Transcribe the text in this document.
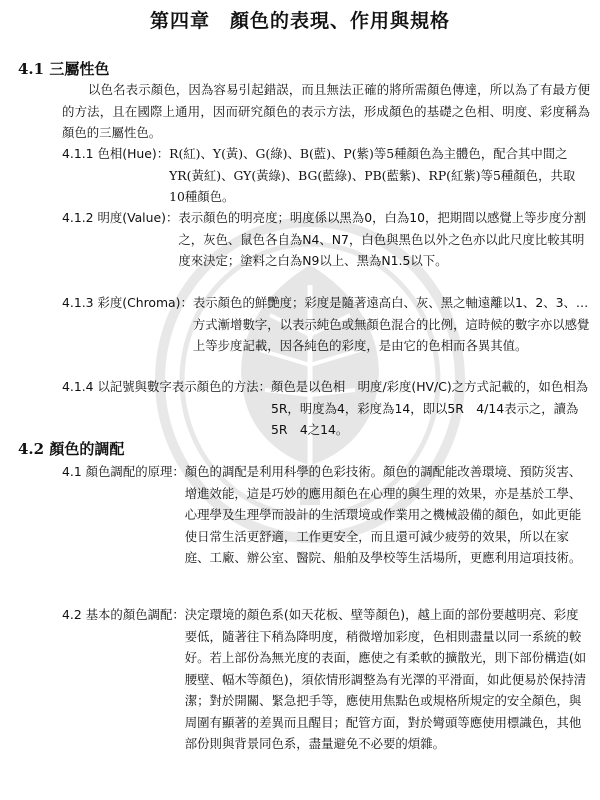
第四章　顏色的表現、作用與規格
4.1 三屬性色
以色名表示顏色，因為容易引起錯誤，而且無法正確的將所需顏色傳達，所以為了有最方便的方法，且在國際上通用，因而研究顏色的表示方法，形成顏色的基礎之色相、明度、彩度稱為顏色的三屬性色。
4.1.1 色相(Hue)： R(紅)、Y(黃)、G(綠)、B(藍)、P(紫)等5種顏色為主體色，配合其中間之YR(黃紅)、GY(黃綠)、BG(藍綠)、PB(藍紫)、RP(紅紫)等5種顏色，共取10種顏色。
4.1.2 明度(Value)： 表示顏色的明亮度；明度係以黑為0，白為10，把期間以感覺上等步度分割之，灰色、鼠色各自為N4、N7，白色與黑色以外之色亦以此尺度比較其明度來決定；塗料之白為N9以上、黑為N1.5以下。
4.1.3 彩度(Chroma)： 表示顏色的鮮艷度；彩度是隨著遠高白、灰、黑之軸遠離以1、2、3、…方式漸增數字，以表示純色或無顏色混合的比例，這時候的數字亦以感覺上等步度記載，因各純色的彩度，是由它的色相而各異其值。
4.1.4 以記號與數字表示顏色的方法： 顏色是以色相　明度/彩度(HV/C)之方式記載的，如色相為5R，明度為4，彩度為14，即以5R　4/14表示之，讀為5R　4之14。
4.2 顏色的調配
4.1 顏色調配的原理： 顏色的調配是利用科學的色彩技術。顏色的調配能改善環境、預防災害、增進效能，這是巧妙的應用顏色在心理的與生理的效果，亦是基於工學、心理學及生理學而設計的生活環境或作業用之機械設備的顏色，如此更能使日常生活更舒適，工作更安全，而且還可減少疲勞的效果，所以在家庭、工廠、辦公室、醫院、船舶及學校等生活場所，更應利用這項技術。
4.2 基本的顏色調配： 決定環境的顏色系(如天花板、壁等顏色)，越上面的部份要越明亮、彩度要低，隨著往下稍為降明度，稍微增加彩度，色相則盡量以同一系統的較好。若上部份為無光度的表面，應使之有柔軟的擴散光，則下部份構造(如腰壁、幅木等顏色)，須依情形調整為有光澤的平滑面，如此便易於保持清潔；對於開關、緊急把手等，應使用焦點色或規格所規定的安全顏色，與周圍有顯著的差異而且醒目；配管方面，對於彎頭等應使用標識色，其他部份則與背景同色系，盡量避免不必要的煩雜。
